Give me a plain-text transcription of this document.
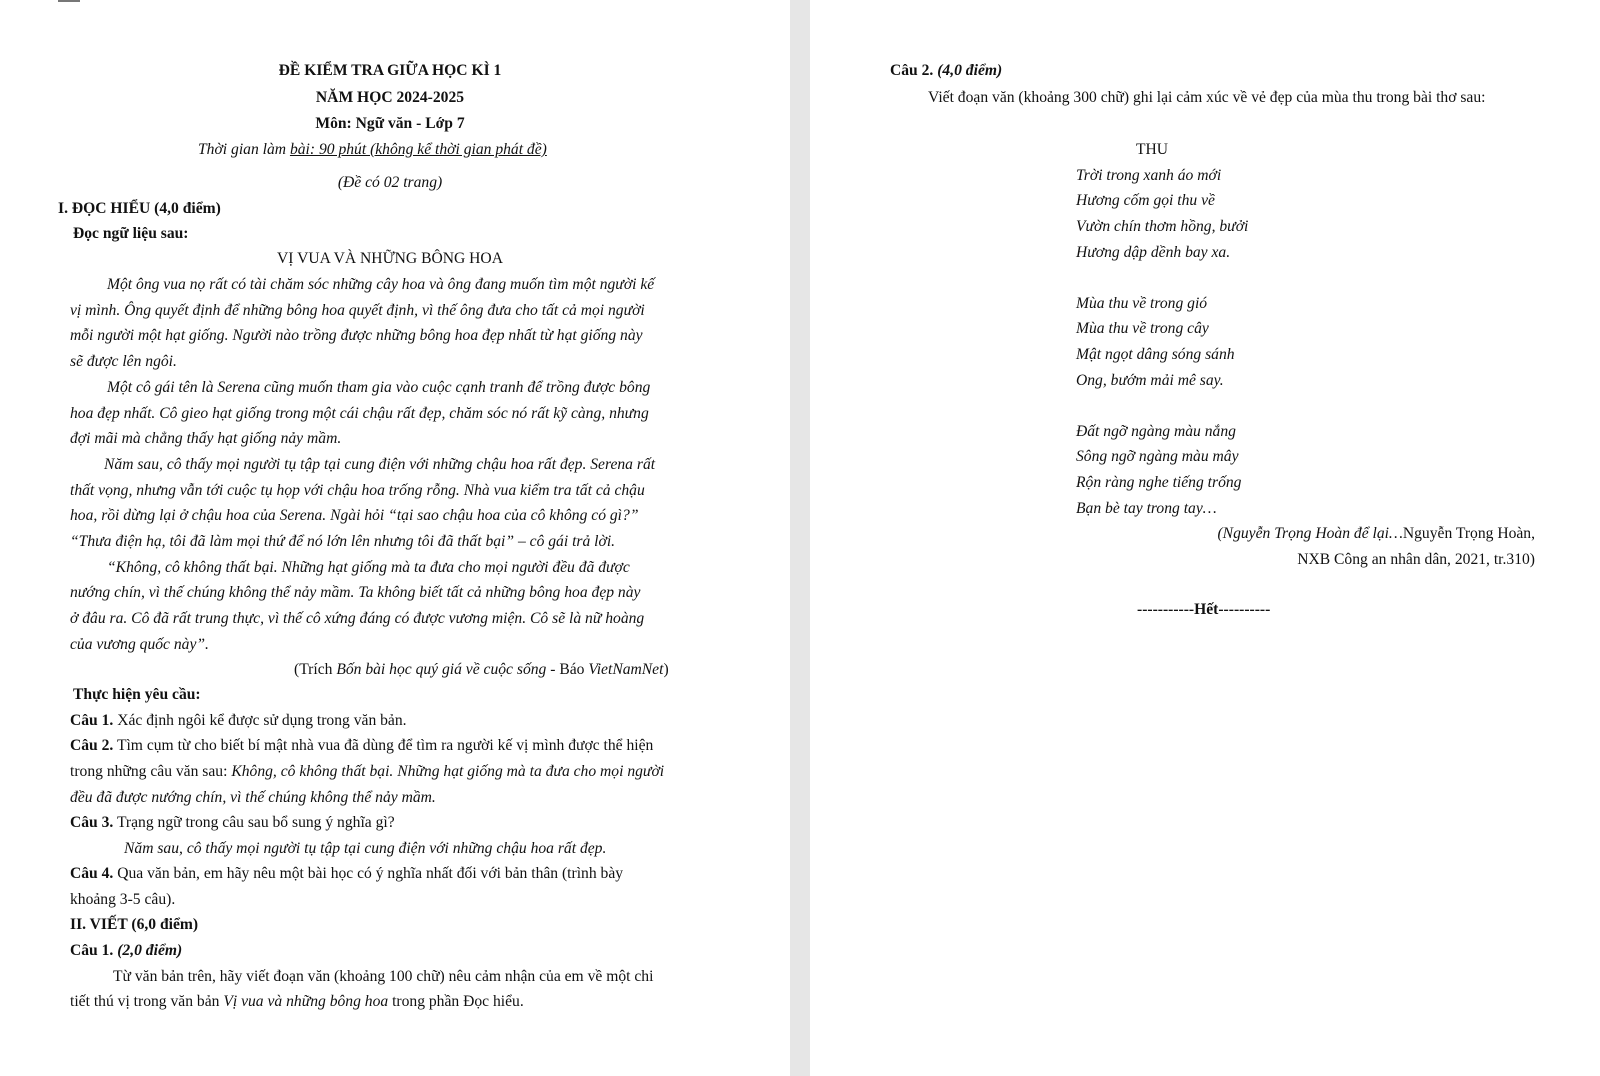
ĐỀ KIỂM TRA GIỮA HỌC KÌ 1
NĂM HỌC 2024-2025
Môn: Ngữ văn - Lớp 7
Thời gian làm bài: 90 phút (không kể thời gian phát đề)
(Đề có 02 trang)
I. ĐỌC HIỂU (4,0 điểm)
Đọc ngữ liệu sau:
VỊ VUA VÀ NHỮNG BÔNG HOA
Một ông vua nọ rất có tài chăm sóc những cây hoa và ông đang muốn tìm một người kế
vị mình. Ông quyết định để những bông hoa quyết định, vì thế ông đưa cho tất cả mọi người
mỗi người một hạt giống. Người nào trồng được những bông hoa đẹp nhất từ hạt giống này
sẽ được lên ngôi.
Một cô gái tên là Serena cũng muốn tham gia vào cuộc cạnh tranh để trồng được bông
hoa đẹp nhất. Cô gieo hạt giống trong một cái chậu rất đẹp, chăm sóc nó rất kỹ càng, nhưng
đợi mãi mà chẳng thấy hạt giống nảy mầm.
Năm sau, cô thấy mọi người tụ tập tại cung điện với những chậu hoa rất đẹp. Serena rất
thất vọng, nhưng vẫn tới cuộc tụ họp với chậu hoa trống rỗng. Nhà vua kiểm tra tất cả chậu
hoa, rồi dừng lại ở chậu hoa của Serena. Ngài hỏi “tại sao chậu hoa của cô không có gì?”
“Thưa điện hạ, tôi đã làm mọi thứ để nó lớn lên nhưng tôi đã thất bại” – cô gái trả lời.
“Không, cô không thất bại. Những hạt giống mà ta đưa cho mọi người đều đã được
nướng chín, vì thế chúng không thể nảy mầm. Ta không biết tất cả những bông hoa đẹp này
ở đâu ra. Cô đã rất trung thực, vì thế cô xứng đáng có được vương miện. Cô sẽ là nữ hoàng
của vương quốc này”.
(Trích Bốn bài học quý giá về cuộc sống - Báo VietNamNet)
Thực hiện yêu cầu:
Câu 1. Xác định ngôi kể được sử dụng trong văn bản.
Câu 2. Tìm cụm từ cho biết bí mật nhà vua đã dùng để tìm ra người kế vị mình được thể hiện
trong những câu văn sau: Không, cô không thất bại. Những hạt giống mà ta đưa cho mọi người
đều đã được nướng chín, vì thế chúng không thể nảy mầm.
Câu 3. Trạng ngữ trong câu sau bổ sung ý nghĩa gì?
Năm sau, cô thấy mọi người tụ tập tại cung điện với những chậu hoa rất đẹp.
Câu 4. Qua văn bản, em hãy nêu một bài học có ý nghĩa nhất đối với bản thân (trình bày
khoảng 3-5 câu).
II. VIẾT (6,0 điểm)
Câu 1. (2,0 điểm)
Từ văn bản trên, hãy viết đoạn văn (khoảng 100 chữ) nêu cảm nhận của em về một chi
tiết thú vị trong văn bản Vị vua và những bông hoa trong phần Đọc hiểu.
Câu 2. (4,0 điểm)
Viết đoạn văn (khoảng 300 chữ) ghi lại cảm xúc về vẻ đẹp của mùa thu trong bài thơ sau:
THU
Trời trong xanh áo mới
Hương cốm gọi thu về
Vườn chín thơm hồng, bưởi
Hương dập dềnh bay xa.
Mùa thu về trong gió
Mùa thu về trong cây
Mật ngọt dâng sóng sánh
Ong, bướm mải mê say.
Đất ngỡ ngàng màu nắng
Sông ngỡ ngàng màu mây
Rộn ràng nghe tiếng trống
Bạn bè tay trong tay…
(Nguyễn Trọng Hoàn để lại…Nguyễn Trọng Hoàn,
NXB Công an nhân dân, 2021, tr.310)
-----------Hết----------
